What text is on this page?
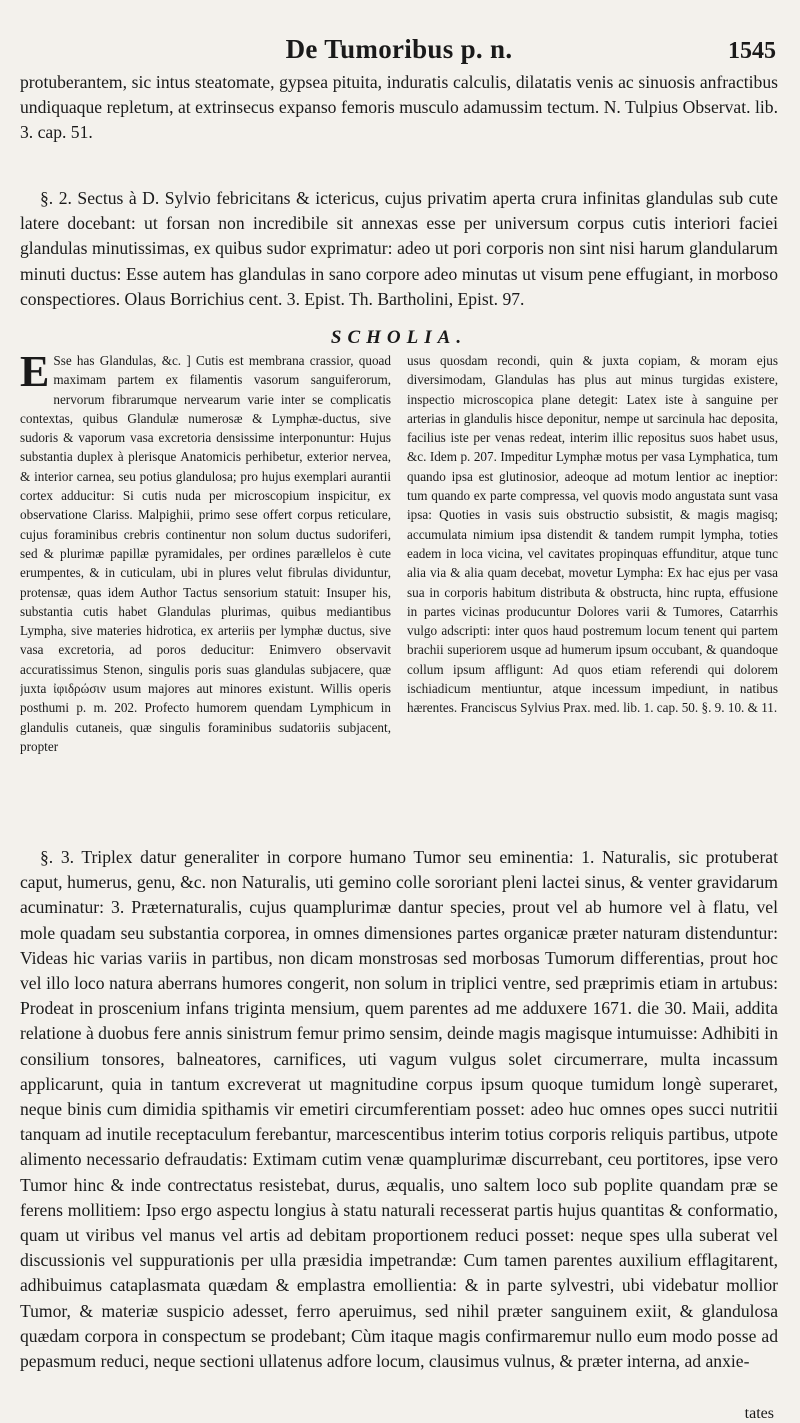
De Tumoribus p. n.	1545

protuberantem, sic intus steatomate, gypsea pituita, induratis calculis, dilatatis venis ac sinuosis anfractibus undiquaque repletum, at extrinsecus expanso femoris musculo adamussim tectum. N. Tulpius Observat. lib. 3. cap. 51.

§. 2. Sectus à D. Sylvio febricitans & ictericus, cujus privatim aperta crura infinitas glandulas sub cute latere docebant: ut forsan non incredibile sit annexas esse per universum corpus cutis interiori faciei glandulas minutissimas, ex quibus sudor exprimatur: adeo ut pori corporis non sint nisi harum glandularum minuti ductus: Esse autem has glandulas in sano corpore adeo minutas ut visum pene effugiant, in morboso conspectiores. Olaus Borrichius cent. 3. Epist. Th. Bartholini, Epist. 97.

SCHOLIA.

E Sse has Glandulas, &c. ] Cutis est membrana crassior, quoad maximam partem ex filamentis vasorum sanguiferorum, nervorum fibrarumque nervearum varie inter se complicatis contextas, quibus Glandulæ numerosæ & Lymphæ-ductus, sive sudoris & vaporum vasa excretoria densissime interponuntur: Hujus substantia duplex à plerisque Anatomicis perhibetur, exterior nervea, & interior carnea, seu potius glandulosa; pro hujus exemplari aurantii cortex adducitur: Si cutis nuda per microscopium inspicitur, ex observatione Clariss. Malpighii, primo sese offert corpus reticulare, cujus foraminibus crebris continentur non solum ductus sudoriferi, sed & plurimæ papillæ pyramidales, per ordines parællelos è cute erumpentes, & in cuticulam, ubi in plures velut fibrulas dividuntur, protensæ, quas idem Author Tactus sensorium statuit: Insuper his, substantia cutis habet Glandulas plurimas, quibus mediantibus Lympha, sive materies hidrotica, ex arteriis per lymphæ ductus, sive vasa excretoria, ad poros deducitur: Enimvero observavit accuratissimus Stenon, singulis poris suas glandulas subjacere, quæ juxta ἰφιδρώσιν usum majores aut minores existunt. Willis operis posthumi p. m. 202. Profecto humorem quendam Lymphicum in glandulis cutaneis, quæ singulis foraminibus sudatoriis subjacent, propter

usus quosdam recondi, quin & juxta copiam, & moram ejus diversimodam, Glandulas has plus aut minus turgidas existere, inspectio microscopica plane detegit: Latex iste à sanguine per arterias in glandulis hisce deponitur, nempe ut sarcinula hac deposita, facilius iste per venas redeat, interim illic repositus suos habet usus, &c. Idem p. 207. Impeditur Lymphæ motus per vasa Lymphatica, tum quando ipsa est glutinosior, adeoque ad motum lentior ac ineptior: tum quando ex parte compressa, vel quovis modo angustata sunt vasa ipsa: Quoties in vasis suis obstructio subsistit, & magis magisq; accumulata nimium ipsa distendit & tandem rumpit lympha, toties eadem in loca vicina, vel cavitates propinquas effunditur, atque tunc alia via & alia quam decebat, movetur Lympha: Ex hac ejus per vasa sua in corporis habitum distributa & obstructa, hinc rupta, effusione in partes vicinas producuntur Dolores varii & Tumores, Catarrhis vulgo adscripti: inter quos haud postremum locum tenent qui partem brachii superiorem usque ad humerum ipsum occubant, & quandoque collum ipsum affligunt: Ad quos etiam referendi qui dolorem ischiadicum mentiuntur, atque incessum impediunt, in natibus hærentes. Franciscus Sylvius Prax. med. lib. 1. cap. 50. §. 9. 10. & 11.

§. 3. Triplex datur generaliter in corpore humano Tumor seu eminentia: 1. Naturalis, sic protuberat caput, humerus, genu, &c. non Naturalis, uti gemino colle sororiant pleni lactei sinus, & venter gravidarum acuminatur: 3. Præternaturalis, cujus quamplurimæ dantur species, prout vel ab humore vel à flatu, vel mole quadam seu substantia corporea, in omnes dimensiones partes organicæ præter naturam distenduntur: Videas hic varias variis in partibus, non dicam monstrosas sed morbosas Tumorum differentias, prout hoc vel illo loco natura aberrans humores congerit, non solum in triplici ventre, sed præprimis etiam in artubus: Prodeat in proscenium infans triginta mensium, quem parentes ad me adduxere 1671. die 30. Maii, addita relatione à duobus fere annis sinistrum femur primo sensim, deinde magis magisque intumuisse: Adhibiti in consilium tonsores, balneatores, carnifices, uti vagum vulgus solet circumerrare, multa incassum applicarunt, quia in tantum excreverat ut magnitudine corpus ipsum quoque tumidum longè superaret, neque binis cum dimidia spithamis vir emetiri circumferentiam posset: adeo huc omnes opes succi nutritii tanquam ad inutile receptaculum ferebantur, marcescentibus interim totius corporis reliquis partibus, utpote alimento necessario defraudatis: Extimam cutim venæ quamplurimæ discurrebant, ceu portitores, ipse vero Tumor hinc & inde contrectatus resistebat, durus, æqualis, uno saltem loco sub poplite quandam præ se ferens mollitiem: Ipso ergo aspectu longius à statu naturali recesserat partis hujus quantitas & conformatio, quam ut viribus vel manus vel artis ad debitam proportionem reduci posset: neque spes ulla suberat vel discussionis vel suppurationis per ulla præsidia impetrandæ: Cum tamen parentes auxilium efflagitarent, adhibuimus cataplasmata quædam & emplastra emollientia: & in parte sylvestri, ubi videbatur mollior Tumor, & materiæ suspicio adesset, ferro aperuimus, sed nihil præter sanguinem exiit, & glandulosa quædam corpora in conspectum se prodebant; Cùm itaque magis confirmaremur nullo eum modo posse ad pepasmum reduci, neque sectioni ullatenus adfore locum, clausimus vulnus, & præter interna, ad anxie-

tates
